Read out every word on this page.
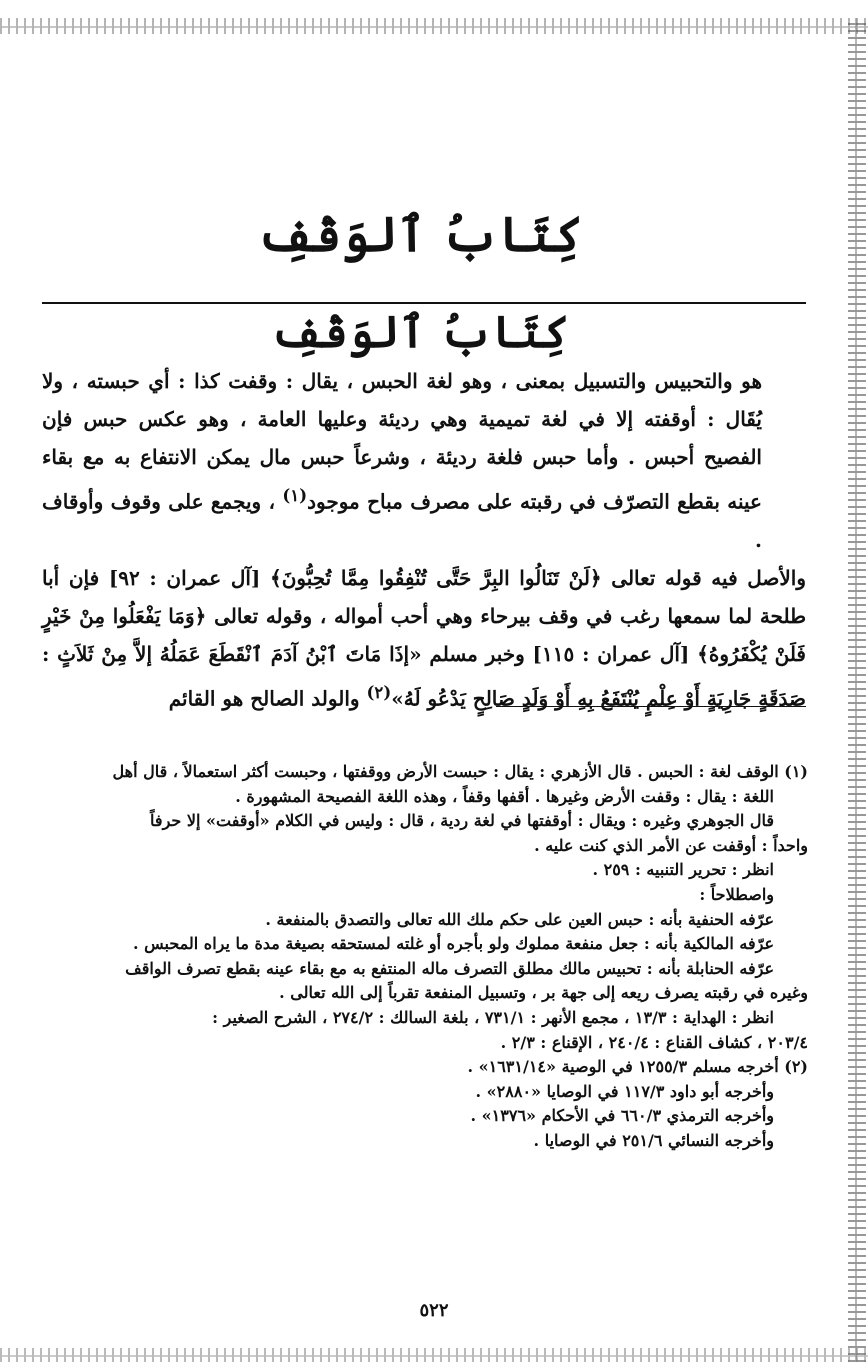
كِتَابُ ٱلوَقْفِ
كِتَابُ ٱلوَقْفِ

هو والتحبيس والتسبيل بمعنى ، وهو لغة الحبس ، يقال : وقفت كذا : أي حبسته ، ولا يُقَال : أوقفته إلا في لغة تميمية وهي رديئة وعليها العامة ، وهو عكس حبس فإن الفصيح أحبس . وأما حبس فلغة رديئة ، وشرعاً حبس مال يمكن الانتفاع به مع بقاء عينه بقطع التصرّف في رقبته على مصرف مباح موجود$^{(١)}$ ، ويجمع على وقوف وأوقاف .

والأصل فيه قوله تعالى ﴿لَنْ تَنَالُوا البِرَّ حَتَّى تُنْفِقُوا مِمَّا تُحِبُّونَ﴾ [آل عمران : ٩٢] فإن أبا طلحة لما سمعها رغب في وقف بيرحاء وهي أحب أمواله ، وقوله تعالى ﴿وَمَا يَفْعَلُوا مِنْ خَيْرٍ فَلَنْ يُكْفَرُوهُ﴾ [آل عمران : ١١٥] وخبر مسلم «إذَا مَاتَ ٱبْنُ آدَمَ ٱنْقَطَعَ عَمَلُهُ إلاَّ مِنْ ثَلاَثٍ : صَدَقَةٍ جَارِيَةٍ أَوْ عِلْمٍ يُنْتَفَعُ بِهِ أَوْ وَلَدٍ صَالِحٍ يَدْعُو لَهُ»$^{(٢)}$ والولد الصالح هو القائم

(١) الوقف لغة : الحبس . قال الأزهري : يقال : حبست الأرض ووقفتها ، وحبست أكثر استعمالاً ، قال أهل
اللغة : يقال : وقفت الأرض وغيرها . أقفها وقفاً ، وهذه اللغة الفصيحة المشهورة .
قال الجوهري وغيره : ويقال : أوقفتها في لغة ردية ، قال : وليس في الكلام «أوقفت» إلا حرفاً
واحداً : أوقفت عن الأمر الذي كنت عليه .
انظر : تحرير التنبيه : ٢٥٩ .
واصطلاحاً :
عرّفه الحنفية بأنه : حبس العين على حكم ملك الله تعالى والتصدق بالمنفعة .
عرّفه المالكية بأنه : جعل منفعة مملوك ولو بأجره أو غلته لمستحقه بصيغة مدة ما يراه المحبس .
عرّفه الحنابلة بأنه : تحبيس مالك مطلق التصرف ماله المنتفع به مع بقاء عينه بقطع تصرف الواقف
وغيره في رقبته يصرف ريعه إلى جهة بر ، وتسبيل المنفعة تقرباً إلى الله تعالى .
انظر : الهداية : ١٣/٣ ، مجمع الأنهر : ٧٣١/١ ، بلغة السالك : ٢٧٤/٢ ، الشرح الصغير :
٢٠٣/٤ ، كشاف القناع : ٢٤٠/٤ ، الإقناع : ٢/٣ .
(٢) أخرجه مسلم ١٢٥٥/٣ في الوصية «١٦٣١/١٤» .
وأخرجه أبو داود ١١٧/٣ في الوصايا «٢٨٨٠» .
وأخرجه الترمذي ٦٦٠/٣ في الأحكام «١٣٧٦» .
وأخرجه النسائي ٢٥١/٦ في الوصايا .
٥٢٢
